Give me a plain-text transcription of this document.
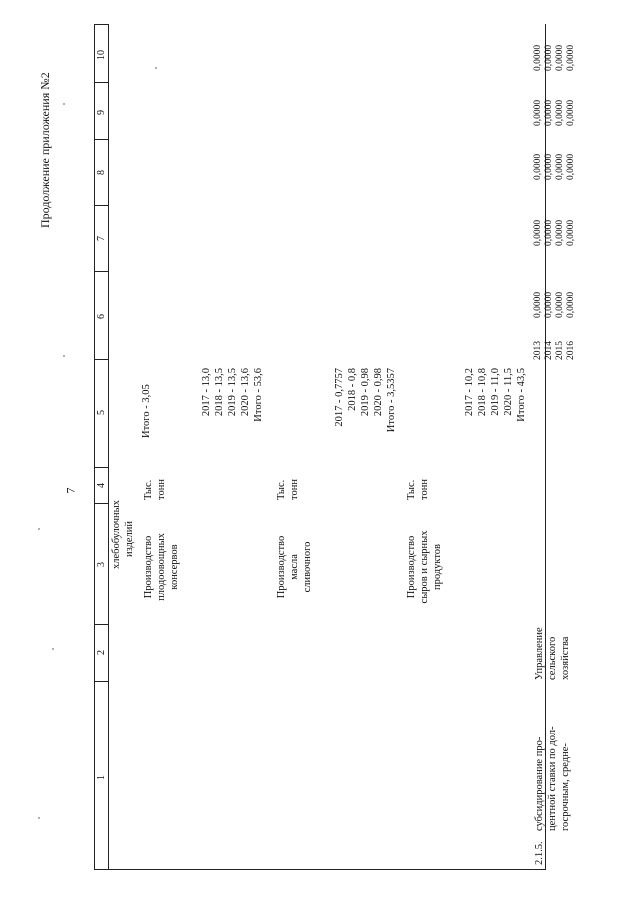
7
Продолжение приложения №2
1
2
3
4
5
6
7
8
9
10
хлебобулочных
изделий
Итого - 3,05
Производство
плодоовощных
консервов
Тыс.
тонн
2017 - 13,0
2018 - 13,5
2019 - 13,5
2020 - 13,6
Итого - 53,6
Производство
масла
сливочного
Тыс.
тонн
2017 - 0,7757
2018 - 0,8
2019 - 0,98
2020 - 0,98
Итого - 3,5357
Производство
сыров и сырных
продуктов
Тыс.
тонн
2017 - 10,2
2018 - 10,8
2019 - 11,0
2020 - 11,5
Итого - 43,5
2.1.5.
субсидирование про-
центной ставки по дол-
госрочным, средне-
Управление
сельского
хозяйства
2013
2014
2015
2016
0,0000
0,0000
0,0000
0,0000
0,0000
0,0000
0,0000
0,0000
0,0000
0,0000
0,0000
0,0000
0,0000
0,0000
0,0000
0,0000
0,0000
0,0000
0,0000
0,0000
